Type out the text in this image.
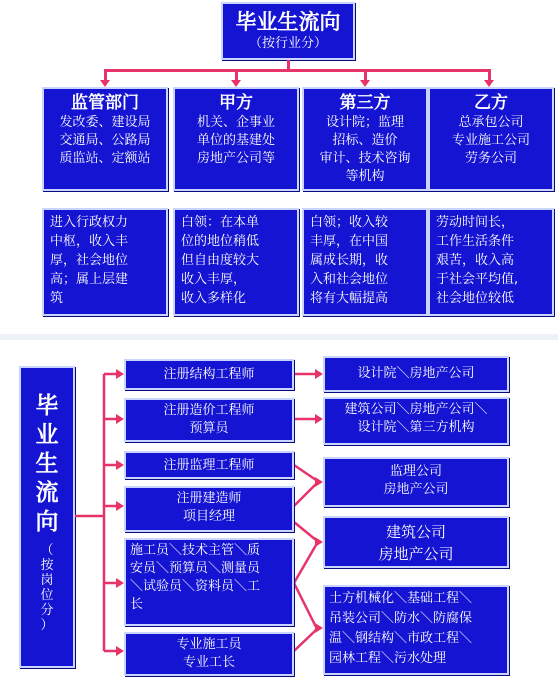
毕业生流向
（按行业分）
监管部门
发改委、建设局
交通局、公路局
质监站、定额站
甲方
机关、企事业
单位的基建处
房地产公司等
第三方
设计院；监理
招标、造价
审计、技术咨询
等机构
乙方
总承包公司
专业施工公司
劳务公司
进入行政权力
中枢，收入丰
厚，社会地位
高；属上层建
筑
白领：在本单
位的地位稍低
但自由度较大
收入丰厚，
收入多样化
白领；收入较
丰厚，在中国
属成长期，收
入和社会地位
将有大幅提高
劳动时间长，
工作生活条件
艰苦，收入高
于社会平均值,
社会地位较低
毕
业
生
流
向
（
按
岗
位
分
）
注册结构工程师
注册造价工程师
预算员
注册监理工程师
注册建造师
项目经理
施工员＼技术主管＼质
安员＼预算员＼测量员
＼试验员＼资料员＼工
长
专业施工员
专业工长
设计院＼房地产公司
建筑公司＼房地产公司＼
设计院＼第三方机构
监理公司
房地产公司
建筑公司
房地产公司
土方机械化＼基础工程＼
吊装公司＼防水＼防腐保
温＼钢结构＼市政工程＼
园林工程＼污水处理
